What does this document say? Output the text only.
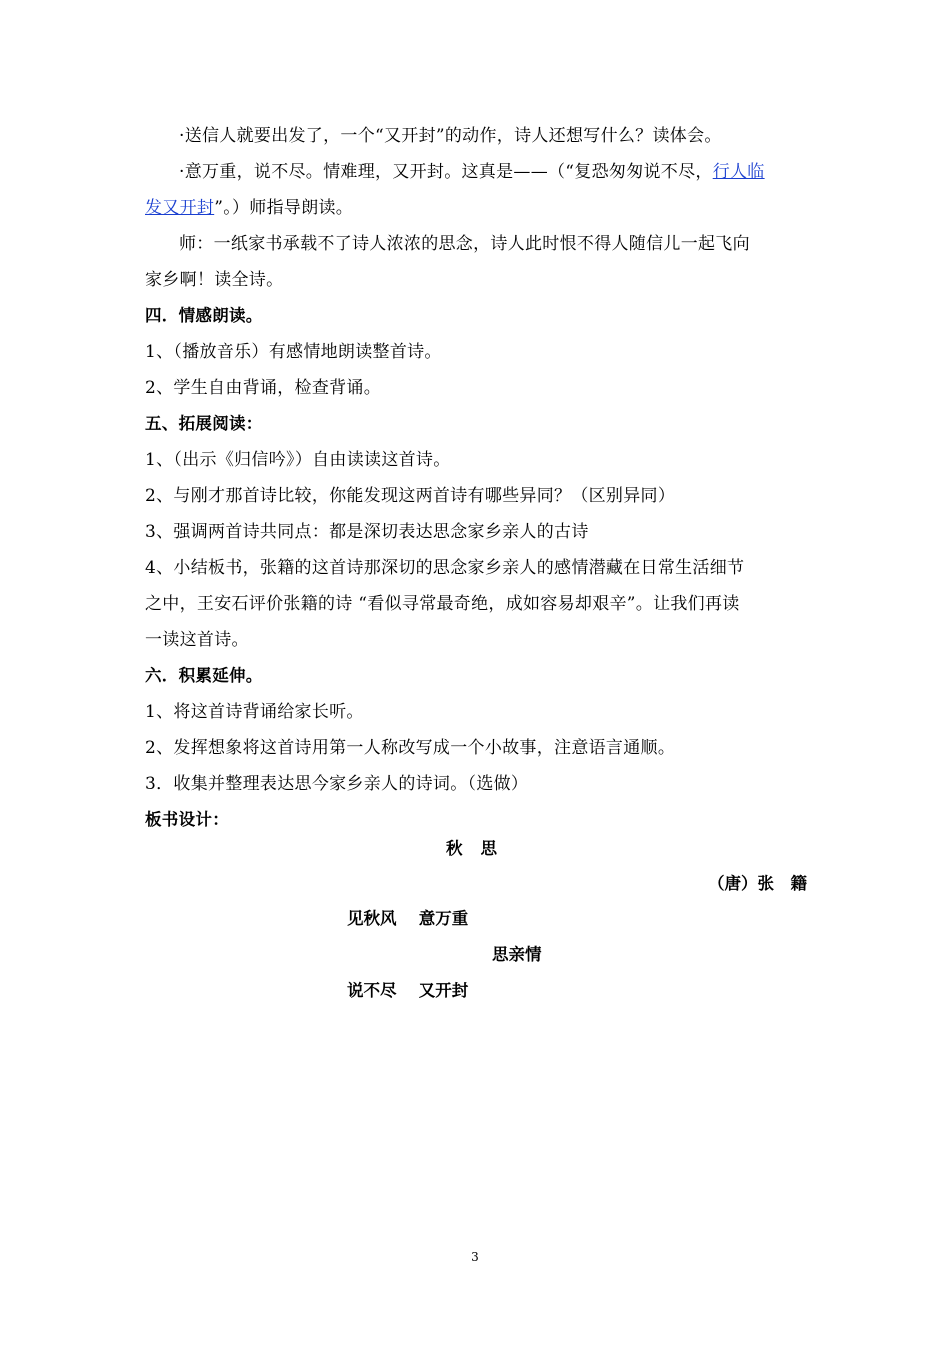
·送信人就要出发了，一个“又开封”的动作，诗人还想写什么？读体会。
·意万重，说不尽。情难理，又开封。这真是——（“复恐匆匆说不尽，行人临
发又开封”。）师指导朗读。
师：一纸家书承载不了诗人浓浓的思念，诗人此时恨不得人随信儿一起飞向
家乡啊！读全诗。
四．情感朗读。
1、（播放音乐）有感情地朗读整首诗。
2、学生自由背诵，检查背诵。
五、拓展阅读：
1、（出示《归信吟》）自由读读这首诗。
2、与刚才那首诗比较，你能发现这两首诗有哪些异同？（区别异同）
3、强调两首诗共同点：都是深切表达思念家乡亲人的古诗
4、小结板书，张籍的这首诗那深切的思念家乡亲人的感情潜藏在日常生活细节
之中，王安石评价张籍的诗 “看似寻常最奇绝，成如容易却艰辛”。让我们再读
一读这首诗。
六．积累延伸。
1、将这首诗背诵给家长听。
2、发挥想象将这首诗用第一人称改写成一个小故事，注意语言通顺。
3．收集并整理表达思今家乡亲人的诗词。（选做）
板书设计：
秋思
（唐）张　籍
见秋风　 意万重
思亲情
说不尽　 又开封
3
